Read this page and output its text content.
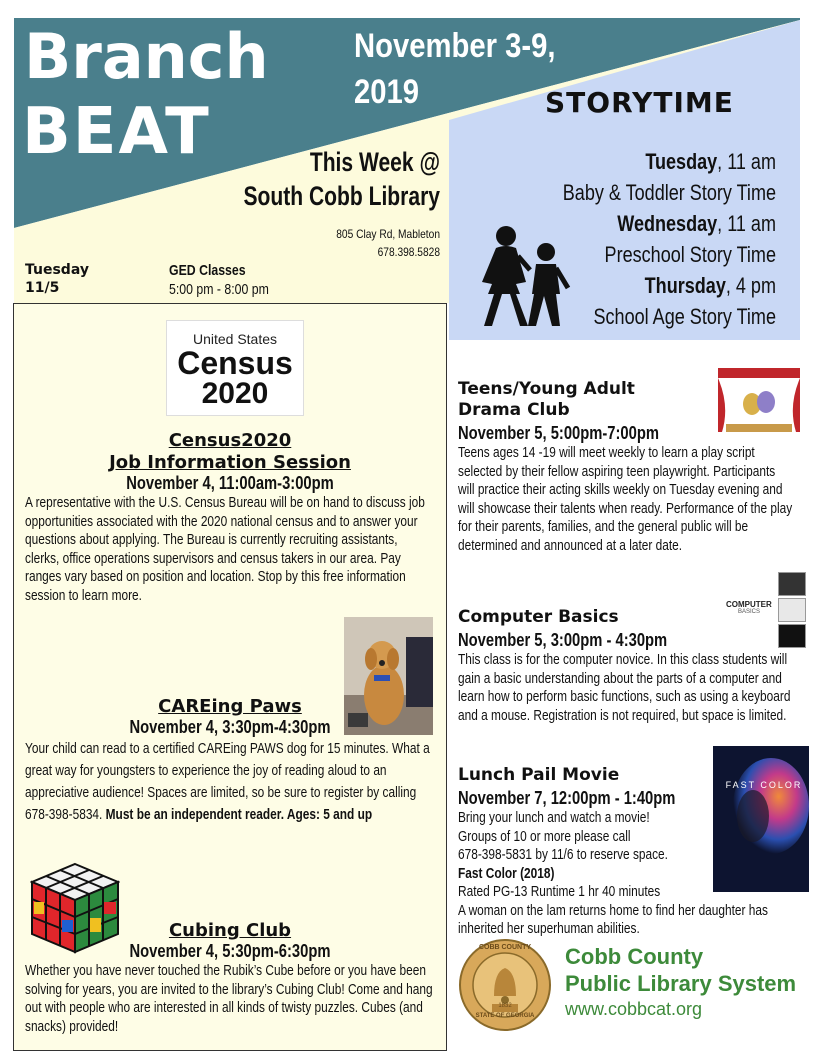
Branch
BEAT
November 3-9,
2019	STORYTIME
Tuesday, 11 am
Baby & Toddler Story Time
Wednesday, 11 am
Preschool Story Time
Thursday, 4 pm
School Age Story Time
This Week @
South Cobb Library
805 Clay Rd, Mableton
678.398.5828
Tuesday
11/5
GED Classes
5:00 pm - 8:00 pm
United States
Census
2020
Census2020
Job Information Session
November 4, 11:00am-3:00pm
A representative with the U.S. Census Bureau will be on hand to discuss job opportunities associated with the 2020 national census and to answer your questions about applying. The Bureau is currently recruiting assistants, clerks, office operations supervisors and census takers in our area. Pay ranges vary based on position and location. Stop by this free information session to learn more.
CAREing Paws
November 4, 3:30pm-4:30pm
Your child can read to a certified CAREing PAWS dog for 15 minutes. What a great way for youngsters to experience the joy of reading aloud to an appreciative audience! Spaces are limited, so be sure to register by calling 678-398-5834. Must be an independent reader. Ages: 5 and up
Cubing Club
November 4, 5:30pm-6:30pm
Whether you have never touched the Rubik’s Cube before or you have been solving for years, you are invited to the library’s Cubing Club! Come and hang out with people who are interested in all kinds of twisty puzzles. Cubes (and snacks) provided!
Teens/Young Adult
Drama Club
November 5, 5:00pm-7:00pm
Teens ages 14 -19 will meet weekly to learn a play script selected by their fellow aspiring teen playwright. Participants will practice their acting skills weekly on Tuesday evening and will showcase their talents when ready. Performance of the play for their parents, families, and the general public will be determined and announced at a later date.
Computer Basics
November 5, 3:00pm - 4:30pm
This class is for the computer novice. In this class students will gain a basic understanding about the parts of a computer and learn how to perform basic functions, such as using a keyboard and a mouse. Registration is not required, but space is limited.
COMPUTER
BASICS
Lunch Pail Movie
November 7, 12:00pm - 1:40pm
Bring your lunch and watch a movie!
Groups of 10 or more please call
678-398-5831 by 11/6 to reserve space.
Fast Color (2018)
Rated PG-13 Runtime 1 hr 40 minutes
A woman on the lam returns home to find her daughter has inherited her superhuman abilities.
FAST COLOR
COBB COUNTY
STATE OF GEORGIA
1832
Cobb County
Public Library System
www.cobbcat.org
